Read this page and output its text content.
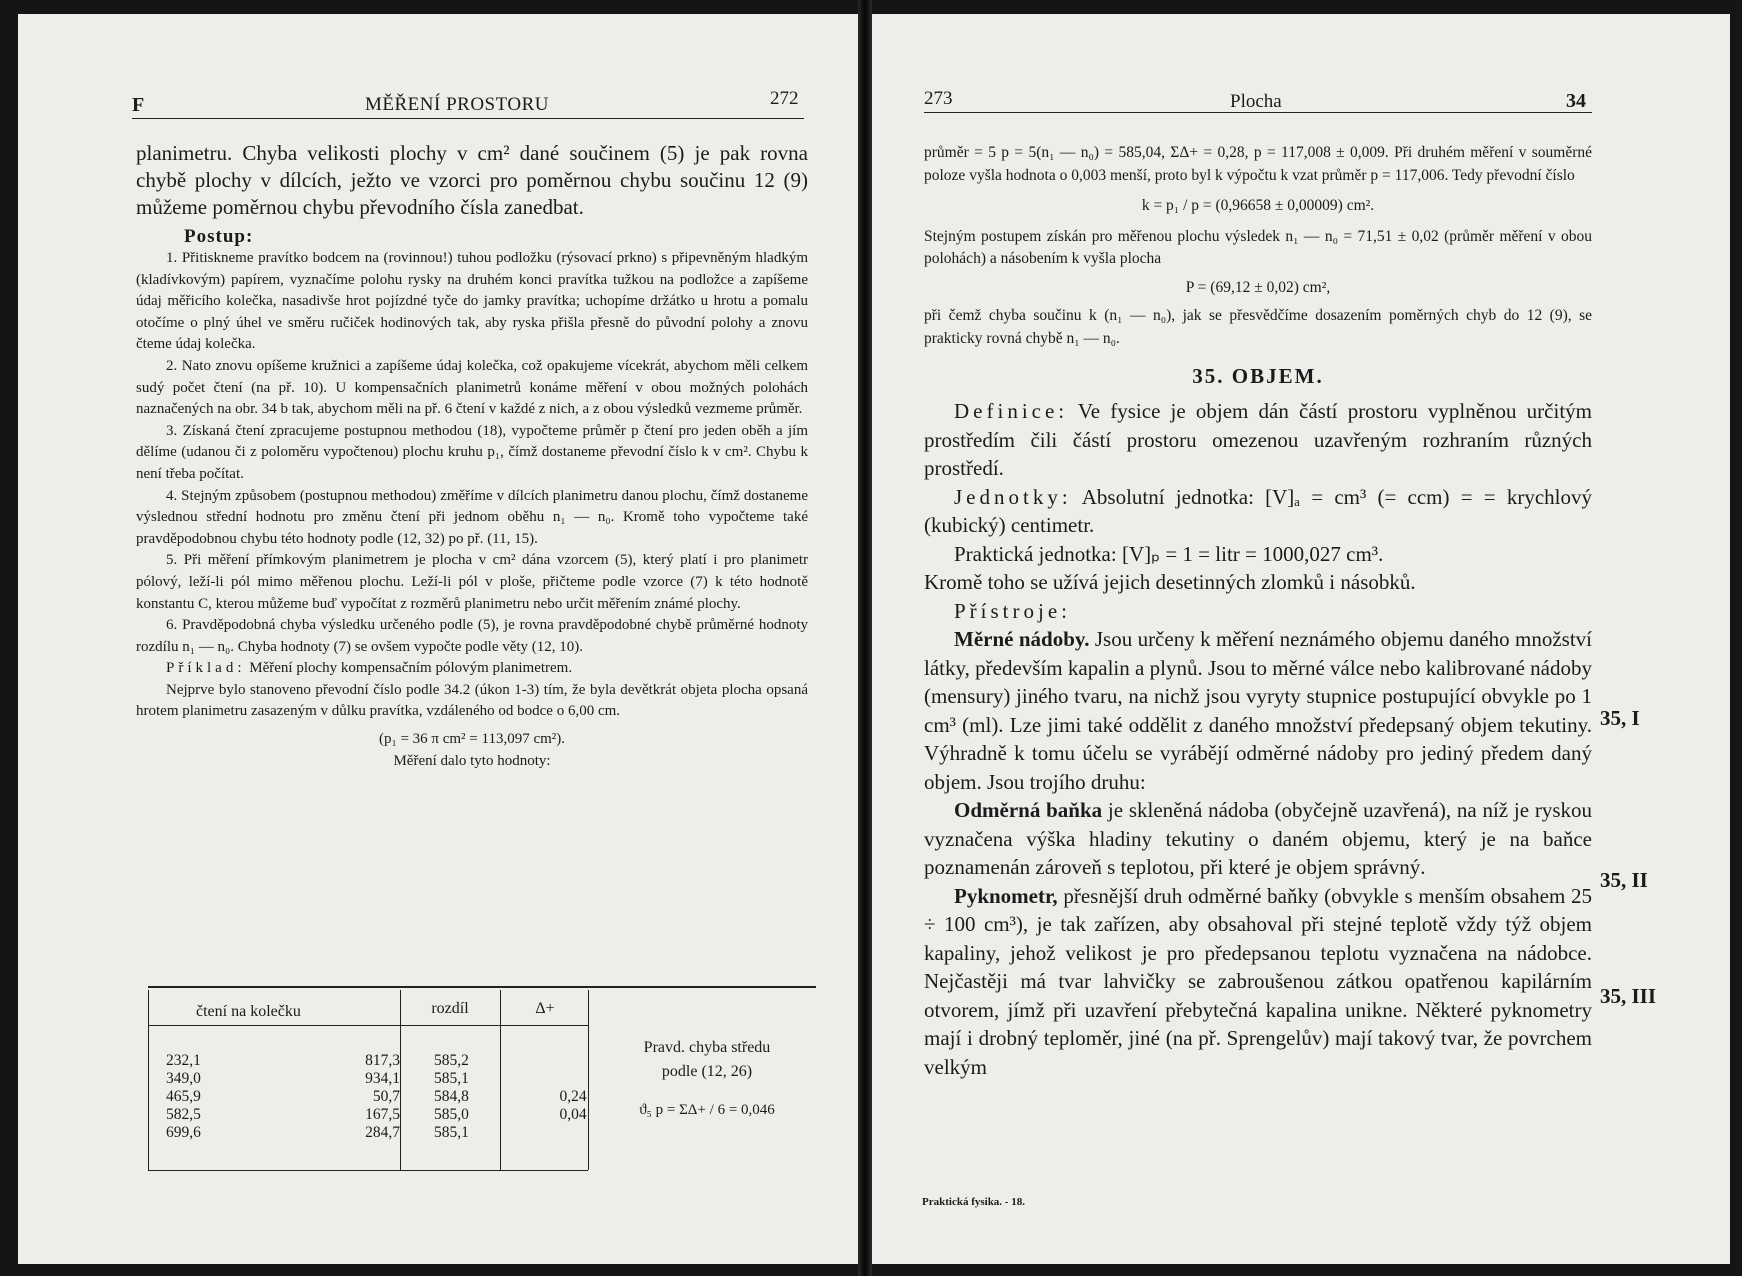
F	MĚŘENÍ PROSTORU	272

planimetru. Chyba velikosti plochy v cm² dané součinem (5) je pak rovna chybě plochy v dílcích, ježto ve vzorci pro poměrnou chybu součinu 12 (9) můžeme poměrnou chybu převodního čísla zanedbat.

Postup:

1. Přitiskneme pravítko bodcem na (rovinnou!) tuhou podložku (rýsovací prkno) s připevněným hladkým (kladívkovým) papírem, vyznačíme polohu rysky na druhém konci pravítka tužkou na podložce a zapíšeme údaj měřicího kolečka, nasadivše hrot pojízdné tyče do jamky pravítka; uchopíme držátko u hrotu a pomalu otočíme o plný úhel ve směru ručiček hodinových tak, aby ryska přišla přesně do původní polohy a znovu čteme údaj kolečka.

2. Nato znovu opíšeme kružnici a zapíšeme údaj kolečka, což opakujeme vícekrát, abychom měli celkem sudý počet čtení (na př. 10). U kompensačních planimetrů konáme měření v obou možných polohách naznačených na obr. 34 b tak, abychom měli na př. 6 čtení v každé z nich, a z obou výsledků vezmeme průměr.

3. Získaná čtení zpracujeme postupnou methodou (18), vypočteme průměr p čtení pro jeden oběh a jím dělíme (udanou či z poloměru vypočtenou) plochu kruhu p₁, čímž dostaneme převodní číslo k v cm². Chybu k není třeba počítat.

4. Stejným způsobem (postupnou methodou) změříme v dílcích planimetru danou plochu, čímž dostaneme výslednou střední hodnotu pro změnu čtení při jednom oběhu n₁ — n₀. Kromě toho vypočteme také pravděpodobnou chybu této hodnoty podle (12, 32) po př. (11, 15).

5. Při měření přímkovým planimetrem je plocha v cm² dána vzorcem (5), který platí i pro planimetr pólový, leží-li pól mimo měřenou plochu. Leží-li pól v ploše, přičteme podle vzorce (7) k této hodnotě konstantu C, kterou můžeme buď vypočítat z rozměrů planimetru nebo určit měřením známé plochy.

6. Pravděpodobná chyba výsledku určeného podle (5), je rovna pravděpodobné chybě průměrné hodnoty rozdílu n₁ — n₀. Chyba hodnoty (7) se ovšem vypočte podle věty (12, 10).

Příklad: Měření plochy kompensačním pólovým planimetrem.

Nejprve bylo stanoveno převodní číslo podle 34.2 (úkon 1-3) tím, že byla devětkrát objeta plocha opsaná hrotem planimetru zasazeným v důlku pravítka, vzdáleného od bodce o 6,00 cm.

(p₁ = 36 π cm² = 113,097 cm²).

Měření dalo tyto hodnoty:

čtení na kolečku	rozdíl	Δ+
232,1	817,3	585,2	
349,0	934,1	585,1	
465,9	50,7	584,8	0,24
582,5	167,5	585,0	0,04
699,6	284,7	585,1	
Pravd. chyba středu
podle (12, 26)
ϑ₅ p = ΣΔ+ / 6 = 0,046
273	Plocha	34

průměr = 5 p = 5(n₁ — n₀) = 585,04, ΣΔ+ = 0,28, p = 117,008 ± 0,009. Při druhém měření v souměrné poloze vyšla hodnota o 0,003 menší, proto byl k výpočtu k vzat průměr p = 117,006. Tedy převodní číslo

k = p₁ / p = (0,96658 ± 0,00009) cm².

Stejným postupem získán pro měřenou plochu výsledek n₁ — n₀ = 71,51 ± 0,02 (průměr měření v obou polohách) a násobením k vyšla plocha

P = (69,12 ± 0,02) cm²,

při čemž chyba součinu k (n₁ — n₀), jak se přesvědčíme dosazením poměrných chyb do 12 (9), se prakticky rovná chybě n₁ — n₀.

35. OBJEM.

Definice: Ve fysice je objem dán částí prostoru vyplněnou určitým prostředím čili částí prostoru omezenou uzavřeným rozhraním různých prostředí.

Jednotky: Absolutní jednotka: [V]ₐ = cm³ (= ccm) = = krychlový (kubický) centimetr.

Praktická jednotka: [V]ₚ = 1 = litr = 1000,027 cm³.

Kromě toho se užívá jejich desetinných zlomků i násobků.

Přístroje:

Měrné nádoby. Jsou určeny k měření neznámého objemu daného množství látky, především kapalin a plynů. Jsou to měrné válce nebo kalibrované nádoby (mensury) jiného tvaru, na nichž jsou vyryty stupnice postupující obvykle po 1 cm³ (ml). Lze jimi také oddělit z daného množství předepsaný objem tekutiny. Výhradně k tomu účelu se vyrábějí odměrné nádoby pro jediný předem daný objem. Jsou trojího druhu:

Odměrná baňka je skleněná nádoba (obyčejně uzavřená), na níž je ryskou vyznačena výška hladiny tekutiny o daném objemu, který je na baňce poznamenán zároveň s teplotou, při které je objem správný.

Pyknometr, přesnější druh odměrné baňky (obvykle s menším obsahem 25 ÷ 100 cm³), je tak zařízen, aby obsahoval při stejné teplotě vždy týž objem kapaliny, jehož velikost je pro předepsanou teplotu vyznačena na nádobce. Nejčastěji má tvar lahvičky se zabroušenou zátkou opatřenou kapilárním otvorem, jímž při uzavření přebytečná kapalina unikne. Některé pyknometry mají i drobný teploměr, jiné (na př. Sprengelův) mají takový tvar, že povrchem velkým

35, I
35, II
35, III
Praktická fysika. - 18.
